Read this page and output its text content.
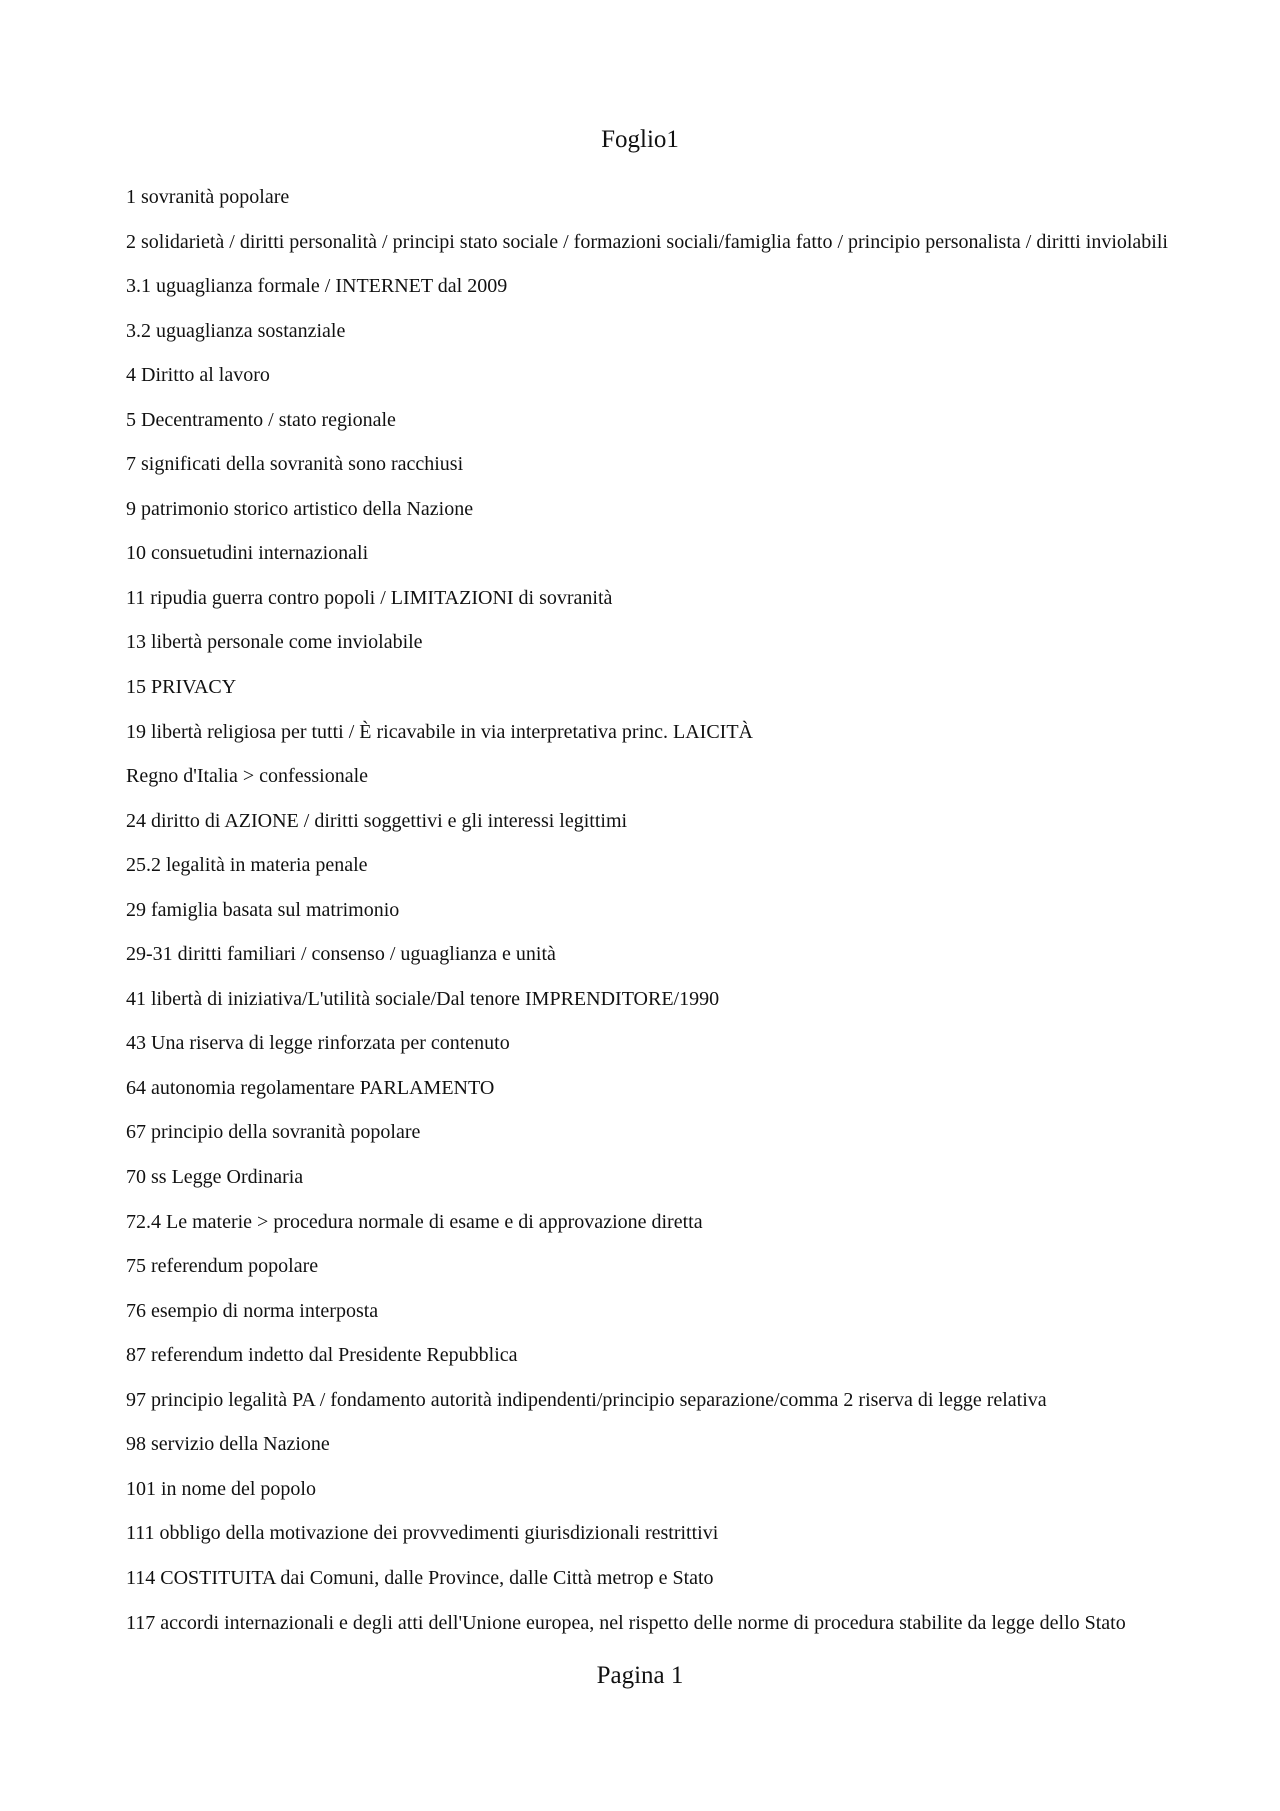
Foglio1
1 sovranità popolare
2 solidarietà / diritti personalità / principi stato sociale / formazioni sociali/famiglia fatto / principio personalista / diritti inviolabili
3.1 uguaglianza formale / INTERNET dal 2009
3.2 uguaglianza sostanziale
4 Diritto al lavoro
5 Decentramento / stato regionale
7 significati della sovranità sono racchiusi
9 patrimonio storico artistico della Nazione
10 consuetudini internazionali
11 ripudia guerra contro popoli / LIMITAZIONI di sovranità
13 libertà personale come inviolabile
15 PRIVACY
19 libertà religiosa per tutti / È ricavabile in via interpretativa princ. LAICITÀ
Regno d'Italia > confessionale
24 diritto di AZIONE / diritti soggettivi e gli interessi legittimi
25.2 legalità in materia penale
29 famiglia basata sul matrimonio
29-31 diritti familiari / consenso / uguaglianza e unità
41 libertà di iniziativa/L'utilità sociale/Dal tenore IMPRENDITORE/1990
43 Una riserva di legge rinforzata per contenuto
64 autonomia regolamentare PARLAMENTO
67 principio della sovranità popolare
70 ss Legge Ordinaria
72.4 Le materie > procedura normale di esame e di approvazione diretta
75 referendum popolare
76 esempio di norma interposta
87 referendum indetto dal Presidente Repubblica
97 principio legalità PA / fondamento autorità indipendenti/principio separazione/comma 2 riserva di legge relativa
98 servizio della Nazione
101 in nome del popolo
111 obbligo della motivazione dei provvedimenti giurisdizionali restrittivi
114 COSTITUITA dai Comuni, dalle Province, dalle Città metrop e Stato
117 accordi internazionali e degli atti dell'Unione europea, nel rispetto delle norme di procedura stabilite da legge dello Stato
Pagina 1
